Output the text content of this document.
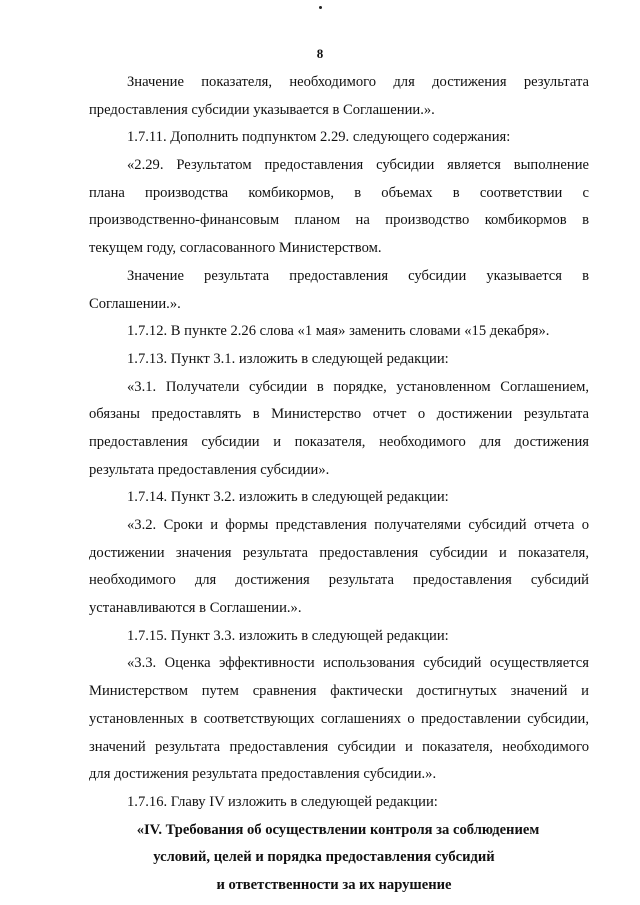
8
Значение показателя, необходимого для достижения результата
предоставления субсидии указывается в Соглашении.».
1.7.11. Дополнить подпунктом 2.29. следующего содержания:
«2.29. Результатом предоставления субсидии является выполнение
плана производства комбикормов, в объемах в соответствии с
производственно-финансовым планом на производство комбикормов в
текущем году, согласованного Министерством.
Значение результата предоставления субсидии указывается в
Соглашении.».
1.7.12. В пункте 2.26 слова «1 мая» заменить словами «15 декабря».
1.7.13. Пункт 3.1. изложить в следующей редакции:
«3.1. Получатели субсидии в порядке, установленном Соглашением,
обязаны предоставлять в Министерство отчет о достижении результата
предоставления субсидии и показателя, необходимого для достижения
результата предоставления субсидии».
1.7.14. Пункт 3.2. изложить в следующей редакции:
«3.2. Сроки и формы представления получателями субсидий отчета о
достижении значения результата предоставления субсидии и показателя,
необходимого для достижения результата предоставления субсидий
устанавливаются в Соглашении.».
1.7.15. Пункт 3.3. изложить в следующей редакции:
«3.3. Оценка эффективности использования субсидий осуществляется
Министерством путем сравнения фактически достигнутых значений и
установленных в соответствующих соглашениях о предоставлении субсидии,
значений результата предоставления субсидии и показателя, необходимого
для достижения результата предоставления субсидии.».
1.7.16. Главу IV изложить в следующей редакции:
«IV. Требования об осуществлении контроля за соблюдением
условий, целей и порядка предоставления субсидий
и ответственности за их нарушение
